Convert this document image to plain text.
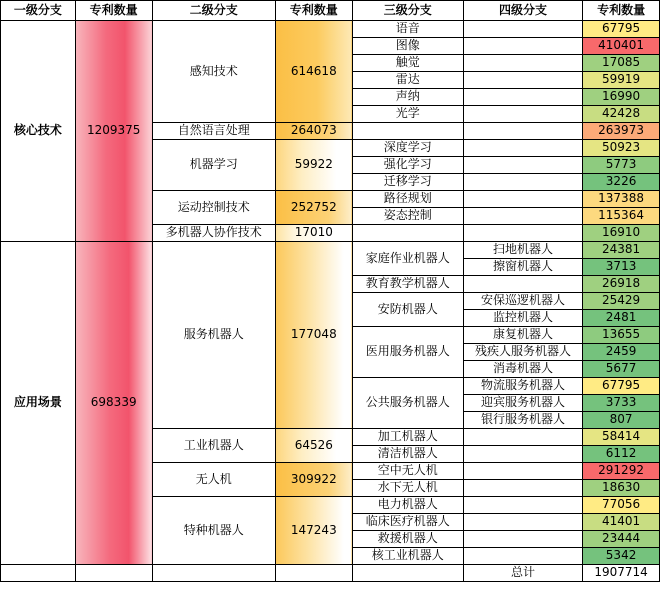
一级分支	专利数量	二级分支	专利数量	三级分支	四级分支	专利数量
核心技术	1209375	感知技术	614618	语音		67795
				图像		410401
				触觉		17085
				雷达		59919
				声纳		16990
				光学		42428
		自然语言处理	264073			263973
		机器学习	59922	深度学习		50923
				强化学习		5773
				迁移学习		3226
		运动控制技术	252752	路径规划		137388
				姿态控制		115364
		多机器人协作技术	17010			16910
应用场景	698339	服务机器人	177048	家庭作业机器人	扫地机器人	24381
					擦窗机器人	3713
				教育教学机器人		26918
				安防机器人	安保巡逻机器人	25429
					监控机器人	2481
				医用服务机器人	康复机器人	13655
					残疾人服务机器人	2459
					消毒机器人	5677
				公共服务机器人	物流服务机器人	67795
					迎宾服务机器人	3733
					银行服务机器人	807
		工业机器人	64526	加工机器人		58414
				清洁机器人		6112
		无人机	309922	空中无人机		291292
				水下无人机		18630
		特种机器人	147243	电力机器人		77056
				临床医疗机器人		41401
				救援机器人		23444
				核工业机器人		5342
					总计	1907714
